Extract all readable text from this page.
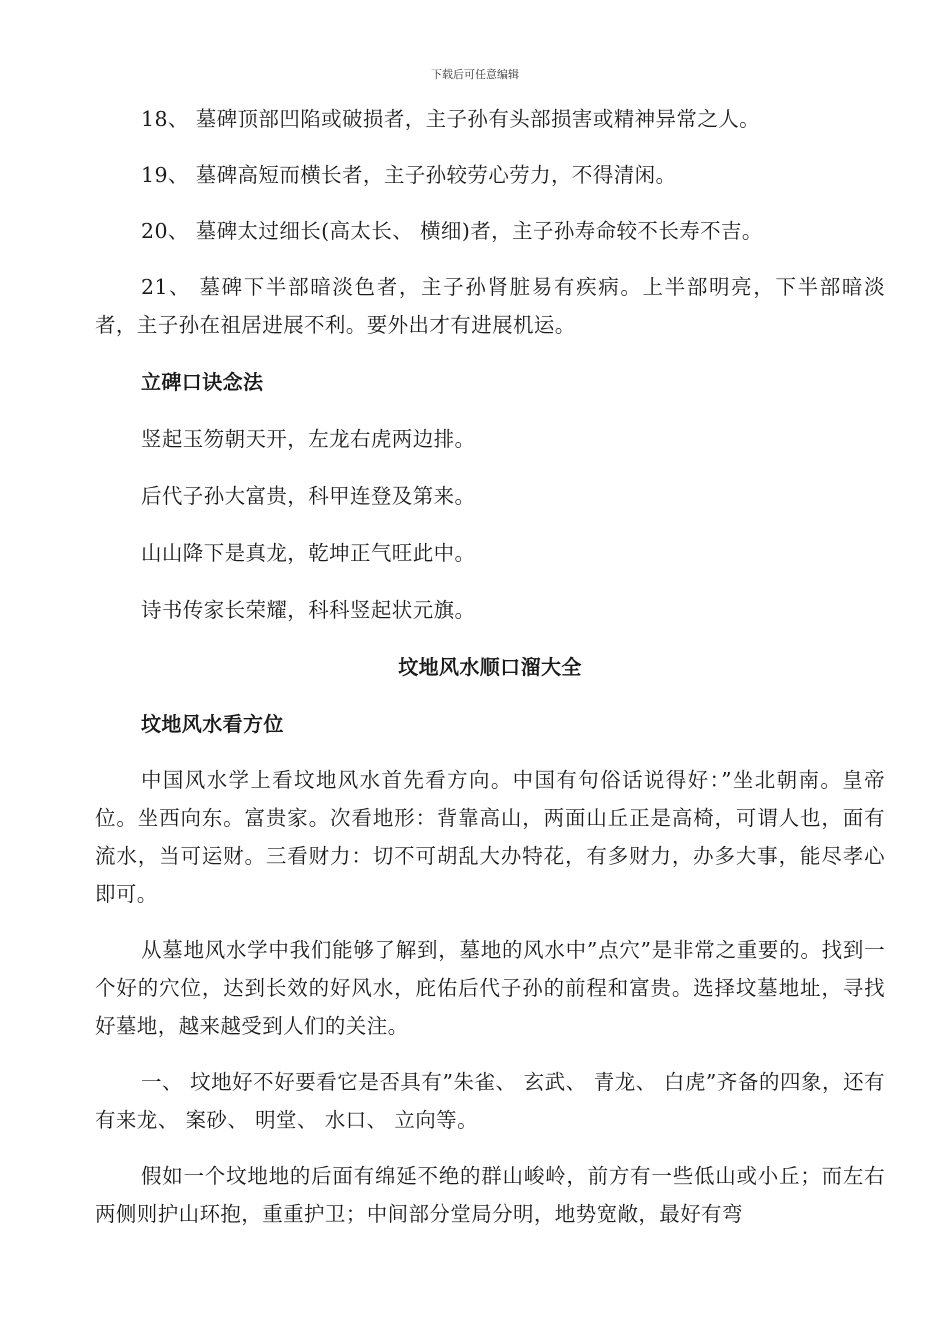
下载后可任意编辑

18、 墓碑顶部凹陷或破损者，主子孙有头部损害或精神异常之人。

19、 墓碑高短而横长者，主子孙较劳心劳力，不得清闲。

20、 墓碑太过细长(高太长、 横细)者，主子孙寿命较不长寿不吉。

21、 墓碑下半部暗淡色者，主子孙肾脏易有疾病。上半部明亮，下半部暗淡者，主子孙在祖居进展不利。要外出才有进展机运。

立碑口诀念法

竖起玉笏朝天开，左龙右虎两边排。

后代子孙大富贵，科甲连登及第来。

山山降下是真龙，乾坤正气旺此中。

诗书传家长荣耀，科科竖起状元旗。

坟地风水顺口溜大全

坟地风水看方位

中国风水学上看坟地风水首先看方向。中国有句俗话说得好：”坐北朝南。皇帝位。坐西向东。富贵家。次看地形：背靠高山，两面山丘正是高椅，可谓人也，面有流水，当可运财。三看财力：切不可胡乱大办特花，有多财力，办多大事，能尽孝心即可。

从墓地风水学中我们能够了解到，墓地的风水中”点穴”是非常之重要的。找到一个好的穴位，达到长效的好风水，庇佑后代子孙的前程和富贵。选择坟墓地址，寻找好墓地，越来越受到人们的关注。

一、 坟地好不好要看它是否具有”朱雀、 玄武、 青龙、 白虎”齐备的四象，还有有来龙、 案砂、 明堂、 水口、 立向等。

假如一个坟地地的后面有绵延不绝的群山峻岭，前方有一些低山或小丘；而左右两侧则护山环抱，重重护卫；中间部分堂局分明，地势宽敞，最好有弯
